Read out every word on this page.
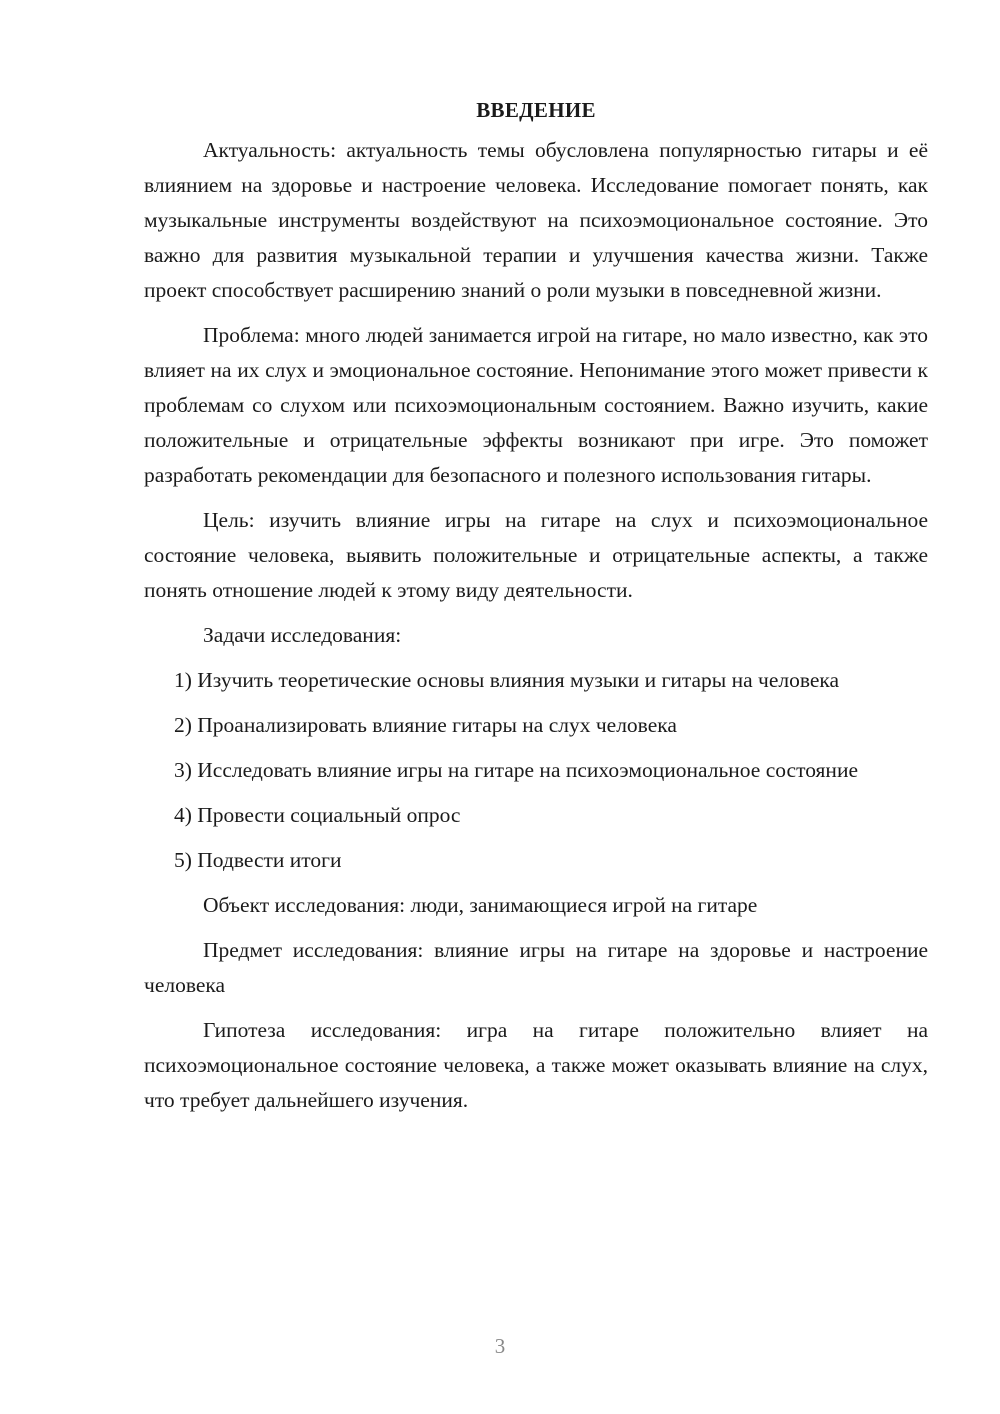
ВВЕДЕНИЕ

Актуальность: актуальность темы обусловлена популярностью гитары и её влиянием на здоровье и настроение человека. Исследование помогает понять, как музыкальные инструменты воздействуют на психоэмоциональное состояние. Это важно для развития музыкальной терапии и улучшения качества жизни. Также проект способствует расширению знаний о роли музыки в повседневной жизни.

Проблема: много людей занимается игрой на гитаре, но мало известно, как это влияет на их слух и эмоциональное состояние. Непонимание этого может привести к проблемам со слухом или психоэмоциональным состоянием. Важно изучить, какие положительные и отрицательные эффекты возникают при игре. Это поможет разработать рекомендации для безопасного и полезного использования гитары.

Цель: изучить влияние игры на гитаре на слух и психоэмоциональное состояние человека, выявить положительные и отрицательные аспекты, а также понять отношение людей к этому виду деятельности.

Задачи исследования:

1) Изучить теоретические основы влияния музыки и гитары на человека

2) Проанализировать влияние гитары на слух человека

3) Исследовать влияние игры на гитаре на психоэмоциональное состояние

4) Провести социальный опрос

5) Подвести итоги

Объект исследования: люди, занимающиеся игрой на гитаре

Предмет исследования: влияние игры на гитаре на здоровье и настроение человека

Гипотеза исследования: игра на гитаре положительно влияет на психоэмоциональное состояние человека, а также может оказывать влияние на слух, что требует дальнейшего изучения.

3
